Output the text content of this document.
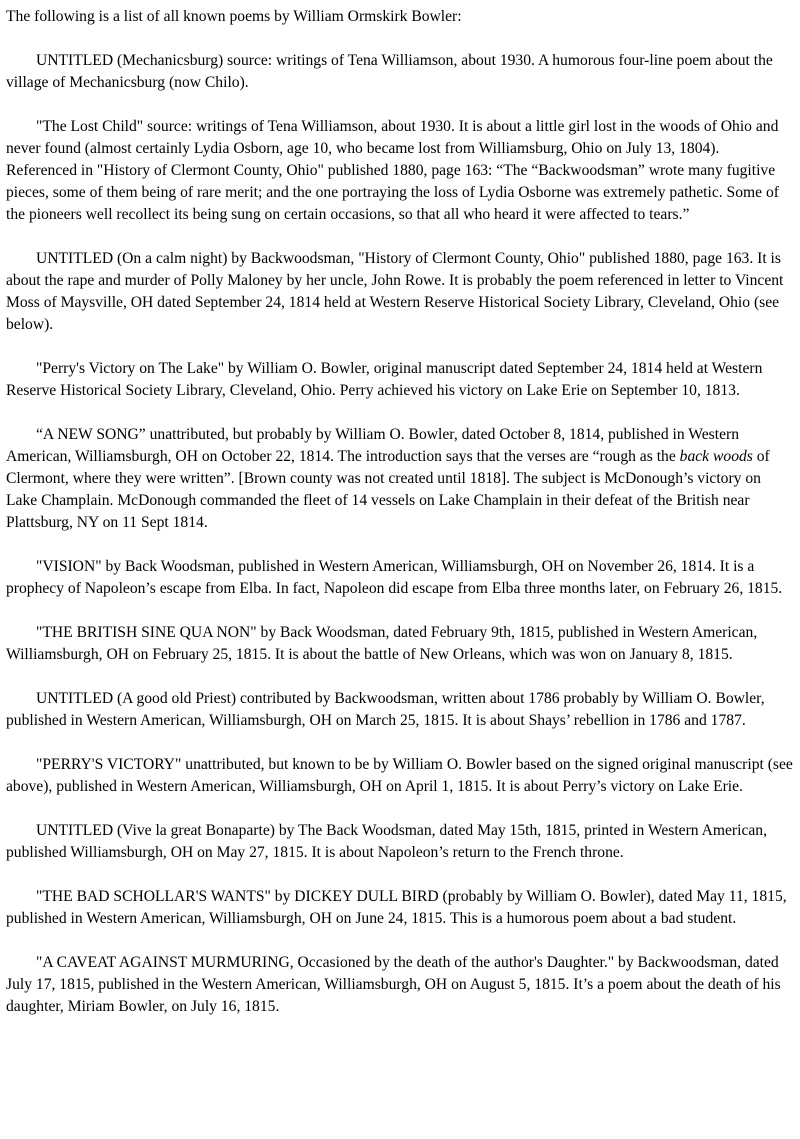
The following is a list of all known poems by William Ormskirk Bowler:

UNTITLED (Mechanicsburg) source: writings of Tena Williamson, about 1930. A humorous four-line poem about the village of Mechanicsburg (now Chilo).

"The Lost Child" source: writings of Tena Williamson, about 1930. It is about a little girl lost in the woods of Ohio and never found (almost certainly Lydia Osborn, age 10, who became lost from Williamsburg, Ohio on July 13, 1804). Referenced in "History of Clermont County, Ohio" published 1880, page 163: “The “Backwoodsman” wrote many fugitive pieces, some of them being of rare merit; and the one portraying the loss of Lydia Osborne was extremely pathetic. Some of the pioneers well recollect its being sung on certain occasions, so that all who heard it were affected to tears.”

UNTITLED (On a calm night) by Backwoodsman, "History of Clermont County, Ohio" published 1880, page 163. It is about the rape and murder of Polly Maloney by her uncle, John Rowe. It is probably the poem referenced in letter to Vincent Moss of Maysville, OH dated September 24, 1814 held at Western Reserve Historical Society Library, Cleveland, Ohio (see below).

"Perry's Victory on The Lake" by William O. Bowler, original manuscript dated September 24, 1814 held at Western Reserve Historical Society Library, Cleveland, Ohio. Perry achieved his victory on Lake Erie on September 10, 1813.

“A NEW SONG” unattributed, but probably by William O. Bowler, dated October 8, 1814, published in Western American, Williamsburgh, OH on October 22, 1814. The introduction says that the verses are “rough as the back woods of Clermont, where they were written”. [Brown county was not created until 1818]. The subject is McDonough’s victory on Lake Champlain. McDonough commanded the fleet of 14 vessels on Lake Champlain in their defeat of the British near Plattsburg, NY on 11 Sept 1814.

"VISION" by Back Woodsman, published in Western American, Williamsburgh, OH on November 26, 1814. It is a prophecy of Napoleon’s escape from Elba. In fact, Napoleon did escape from Elba three months later, on February 26, 1815.

"THE BRITISH SINE QUA NON" by Back Woodsman, dated February 9th, 1815, published in Western American, Williamsburgh, OH on February 25, 1815. It is about the battle of New Orleans, which was won on January 8, 1815.

UNTITLED (A good old Priest) contributed by Backwoodsman, written about 1786 probably by William O. Bowler, published in Western American, Williamsburgh, OH on March 25, 1815. It is about Shays’ rebellion in 1786 and 1787.

"PERRY'S VICTORY" unattributed, but known to be by William O. Bowler based on the signed original manuscript (see above), published in Western American, Williamsburgh, OH on April 1, 1815. It is about Perry’s victory on Lake Erie.

UNTITLED (Vive la great Bonaparte) by The Back Woodsman, dated May 15th, 1815, printed in Western American, published Williamsburgh, OH on May 27, 1815. It is about Napoleon’s return to the French throne.

"THE BAD SCHOLLAR'S WANTS" by DICKEY DULL BIRD (probably by William O. Bowler), dated May 11, 1815, published in Western American, Williamsburgh, OH on June 24, 1815. This is a humorous poem about a bad student.

"A CAVEAT AGAINST MURMURING, Occasioned by the death of the author's Daughter." by Backwoodsman, dated July 17, 1815, published in the Western American, Williamsburgh, OH on August 5, 1815. It’s a poem about the death of his daughter, Miriam Bowler, on July 16, 1815.
